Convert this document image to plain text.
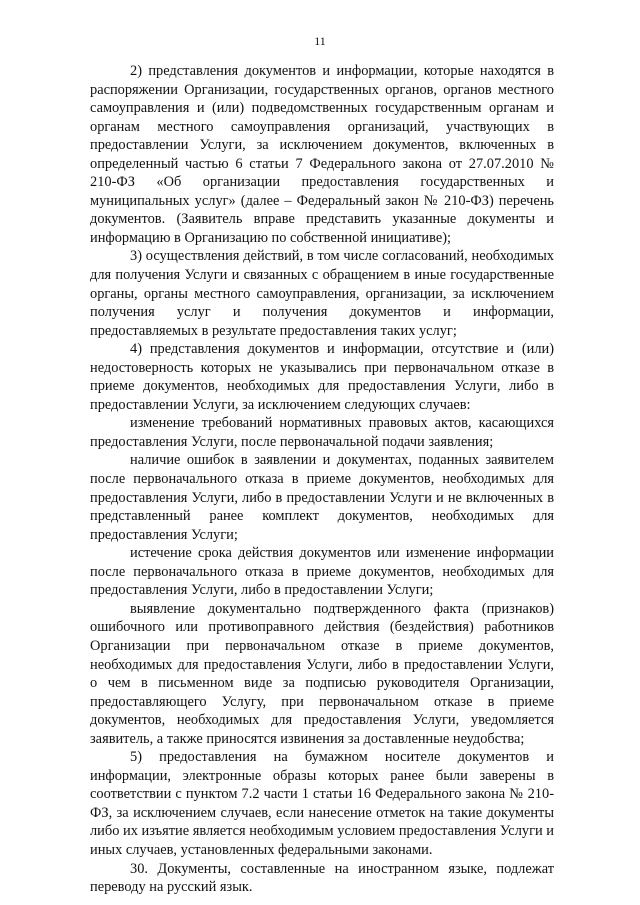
11

2) представления документов и информации, которые находятся в распоряжении Организации, государственных органов, органов местного самоуправления и (или) подведомственных государственным органам и органам местного самоуправления организаций, участвующих в предоставлении Услуги, за исключением документов, включенных в определенный частью 6 статьи 7 Федерального закона от 27.07.2010 № 210-ФЗ «Об организации предоставления государственных и муниципальных услуг» (далее – Федеральный закон № 210-ФЗ) перечень документов. (Заявитель вправе представить указанные документы и информацию в Организацию по собственной инициативе);

3) осуществления действий, в том числе согласований, необходимых для получения Услуги и связанных с обращением в иные государственные органы, органы местного самоуправления, организации, за исключением получения услуг и получения документов и информации, предоставляемых в результате предоставления таких услуг;

4) представления документов и информации, отсутствие и (или) недостоверность которых не указывались при первоначальном отказе в приеме документов, необходимых для предоставления Услуги, либо в предоставлении Услуги, за исключением следующих случаев:

изменение требований нормативных правовых актов, касающихся предоставления Услуги, после первоначальной подачи заявления;

наличие ошибок в заявлении и документах, поданных заявителем после первоначального отказа в приеме документов, необходимых для предоставления Услуги, либо в предоставлении Услуги и не включенных в представленный ранее комплект документов, необходимых для предоставления Услуги;

истечение срока действия документов или изменение информации после первоначального отказа в приеме документов, необходимых для предоставления Услуги, либо в предоставлении Услуги;

выявление документально подтвержденного факта (признаков) ошибочного или противоправного действия (бездействия) работников Организации при первоначальном отказе в приеме документов, необходимых для предоставления Услуги, либо в предоставлении Услуги, о чем в письменном виде за подписью руководителя Организации, предоставляющего Услугу, при первоначальном отказе в приеме документов, необходимых для предоставления Услуги, уведомляется заявитель, а также приносятся извинения за доставленные неудобства;

5) предоставления на бумажном носителе документов и информации, электронные образы которых ранее были заверены в соответствии с пунктом 7.2 части 1 статьи 16 Федерального закона № 210-ФЗ, за исключением случаев, если нанесение отметок на такие документы либо их изъятие является необходимым условием предоставления Услуги и иных случаев, установленных федеральными законами.

30. Документы, составленные на иностранном языке, подлежат переводу на русский язык.
